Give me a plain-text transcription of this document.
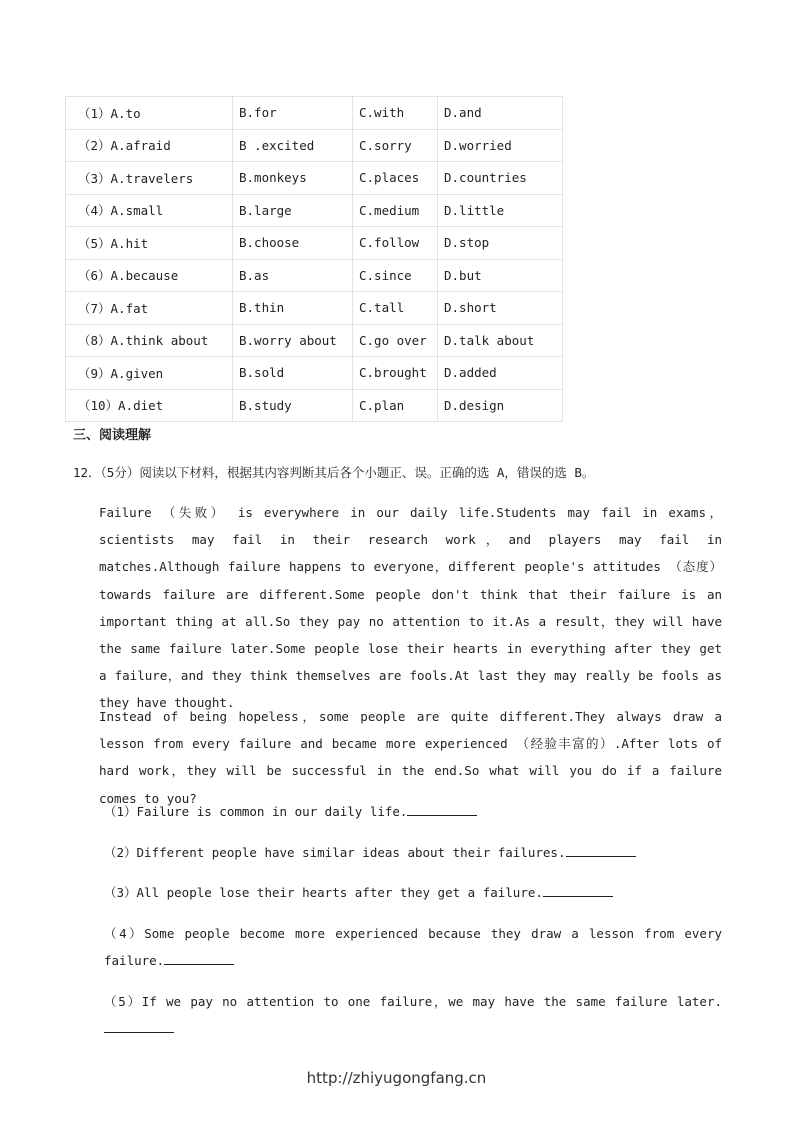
（1）A.to	B.for	C.with	D.and
（2）A.afraid	B .excited	C.sorry	D.worried
（3）A.travelers	B.monkeys	C.places	D.countries
（4）A.small	B.large	C.medium	D.little
（5）A.hit	B.choose	C.follow	D.stop
（6）A.because	B.as	C.since	D.but
（7）A.fat	B.thin	C.tall	D.short
（8）A.think about	B.worry about	C.go over	D.talk about
（9）A.given	B.sold	C.brought	D.added
（10）A.diet	B.study	C.plan	D.design
三、阅读理解
12．（5分）阅读以下材料，根据其内容判断其后各个小题正、误。正确的选 A，错误的选 B。

Failure （失败） is everywhere in our daily life.Students may fail in exams，scientists may fail in their research work，and players may fail in matches.Although failure happens to everyone，different people's attitudes （态度） towards failure are different.Some people don't think that their failure is an important thing at all.So they pay no attention to it.As a result，they will have the same failure later.Some people lose their hearts in everything after they get a failure，and they think themselves are fools.At last they may really be fools as they have thought.

Instead of being hopeless，some people are quite different.They always draw a lesson from every failure and became more experienced （经验丰富的）.After lots of hard work，they will be successful in the end.So what will you do if a failure comes to you?

（1）Failure is common in our daily life.

（2）Different people have similar ideas about their failures.

（3）All people lose their hearts after they get a failure.

（4）Some people become more experienced because they draw a lesson from every failure.

（5）If we pay no attention to one failure，we may have the same failure later.

http://zhiyugongfang.cn
